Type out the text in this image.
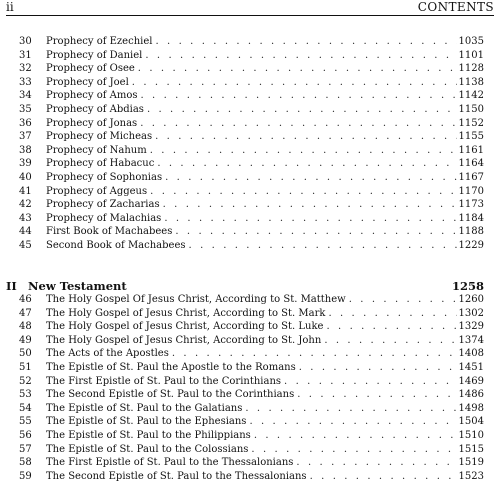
ii	CONTENTS
30	Prophecy of Ezechiel . . .	1035
31	Prophecy of Daniel . . .	1101
32	Prophecy of Osee . . .	1128
33	Prophecy of Joel . . .	1138
34	Prophecy of Amos . . .	1142
35	Prophecy of Abdias . . .	1150
36	Prophecy of Jonas . . .	1152
37	Prophecy of Micheas . . .	1155
38	Prophecy of Nahum . . .	1161
39	Prophecy of Habacuc . . .	1164
40	Prophecy of Sophonias . . .	1167
41	Prophecy of Aggeus . . .	1170
42	Prophecy of Zacharias . . .	1173
43	Prophecy of Malachias . . .	1184
44	First Book of Machabees . . .	1188
45	Second Book of Machabees . . .	1229
II New Testament	1258
46	The Holy Gospel Of Jesus Christ, According to St. Matthew . . .	1260
47	The Holy Gospel of Jesus Christ, According to St. Mark . . .	1302
48	The Holy Gospel of Jesus Christ, According to St. Luke . . .	1329
49	The Holy Gospel of Jesus Christ, According to St. John . . .	1374
50	The Acts of the Apostles . . .	1408
51	The Epistle of St. Paul the Apostle to the Romans . . .	1451
52	The First Epistle of St. Paul to the Corinthians . . .	1469
53	The Second Epistle of St. Paul to the Corinthians . . .	1486
54	The Epistle of St. Paul to the Galatians . . .	1498
55	The Epistle of St. Paul to the Ephesians . . .	1504
56	The Epistle of St. Paul to the Philippians . . .	1510
57	The Epistle of St. Paul to the Colossians . . .	1515
58	The First Epistle of St. Paul to the Thessalonians . . .	1519
59	The Second Epistle of St. Paul to the Thessalonians . . .	1523
